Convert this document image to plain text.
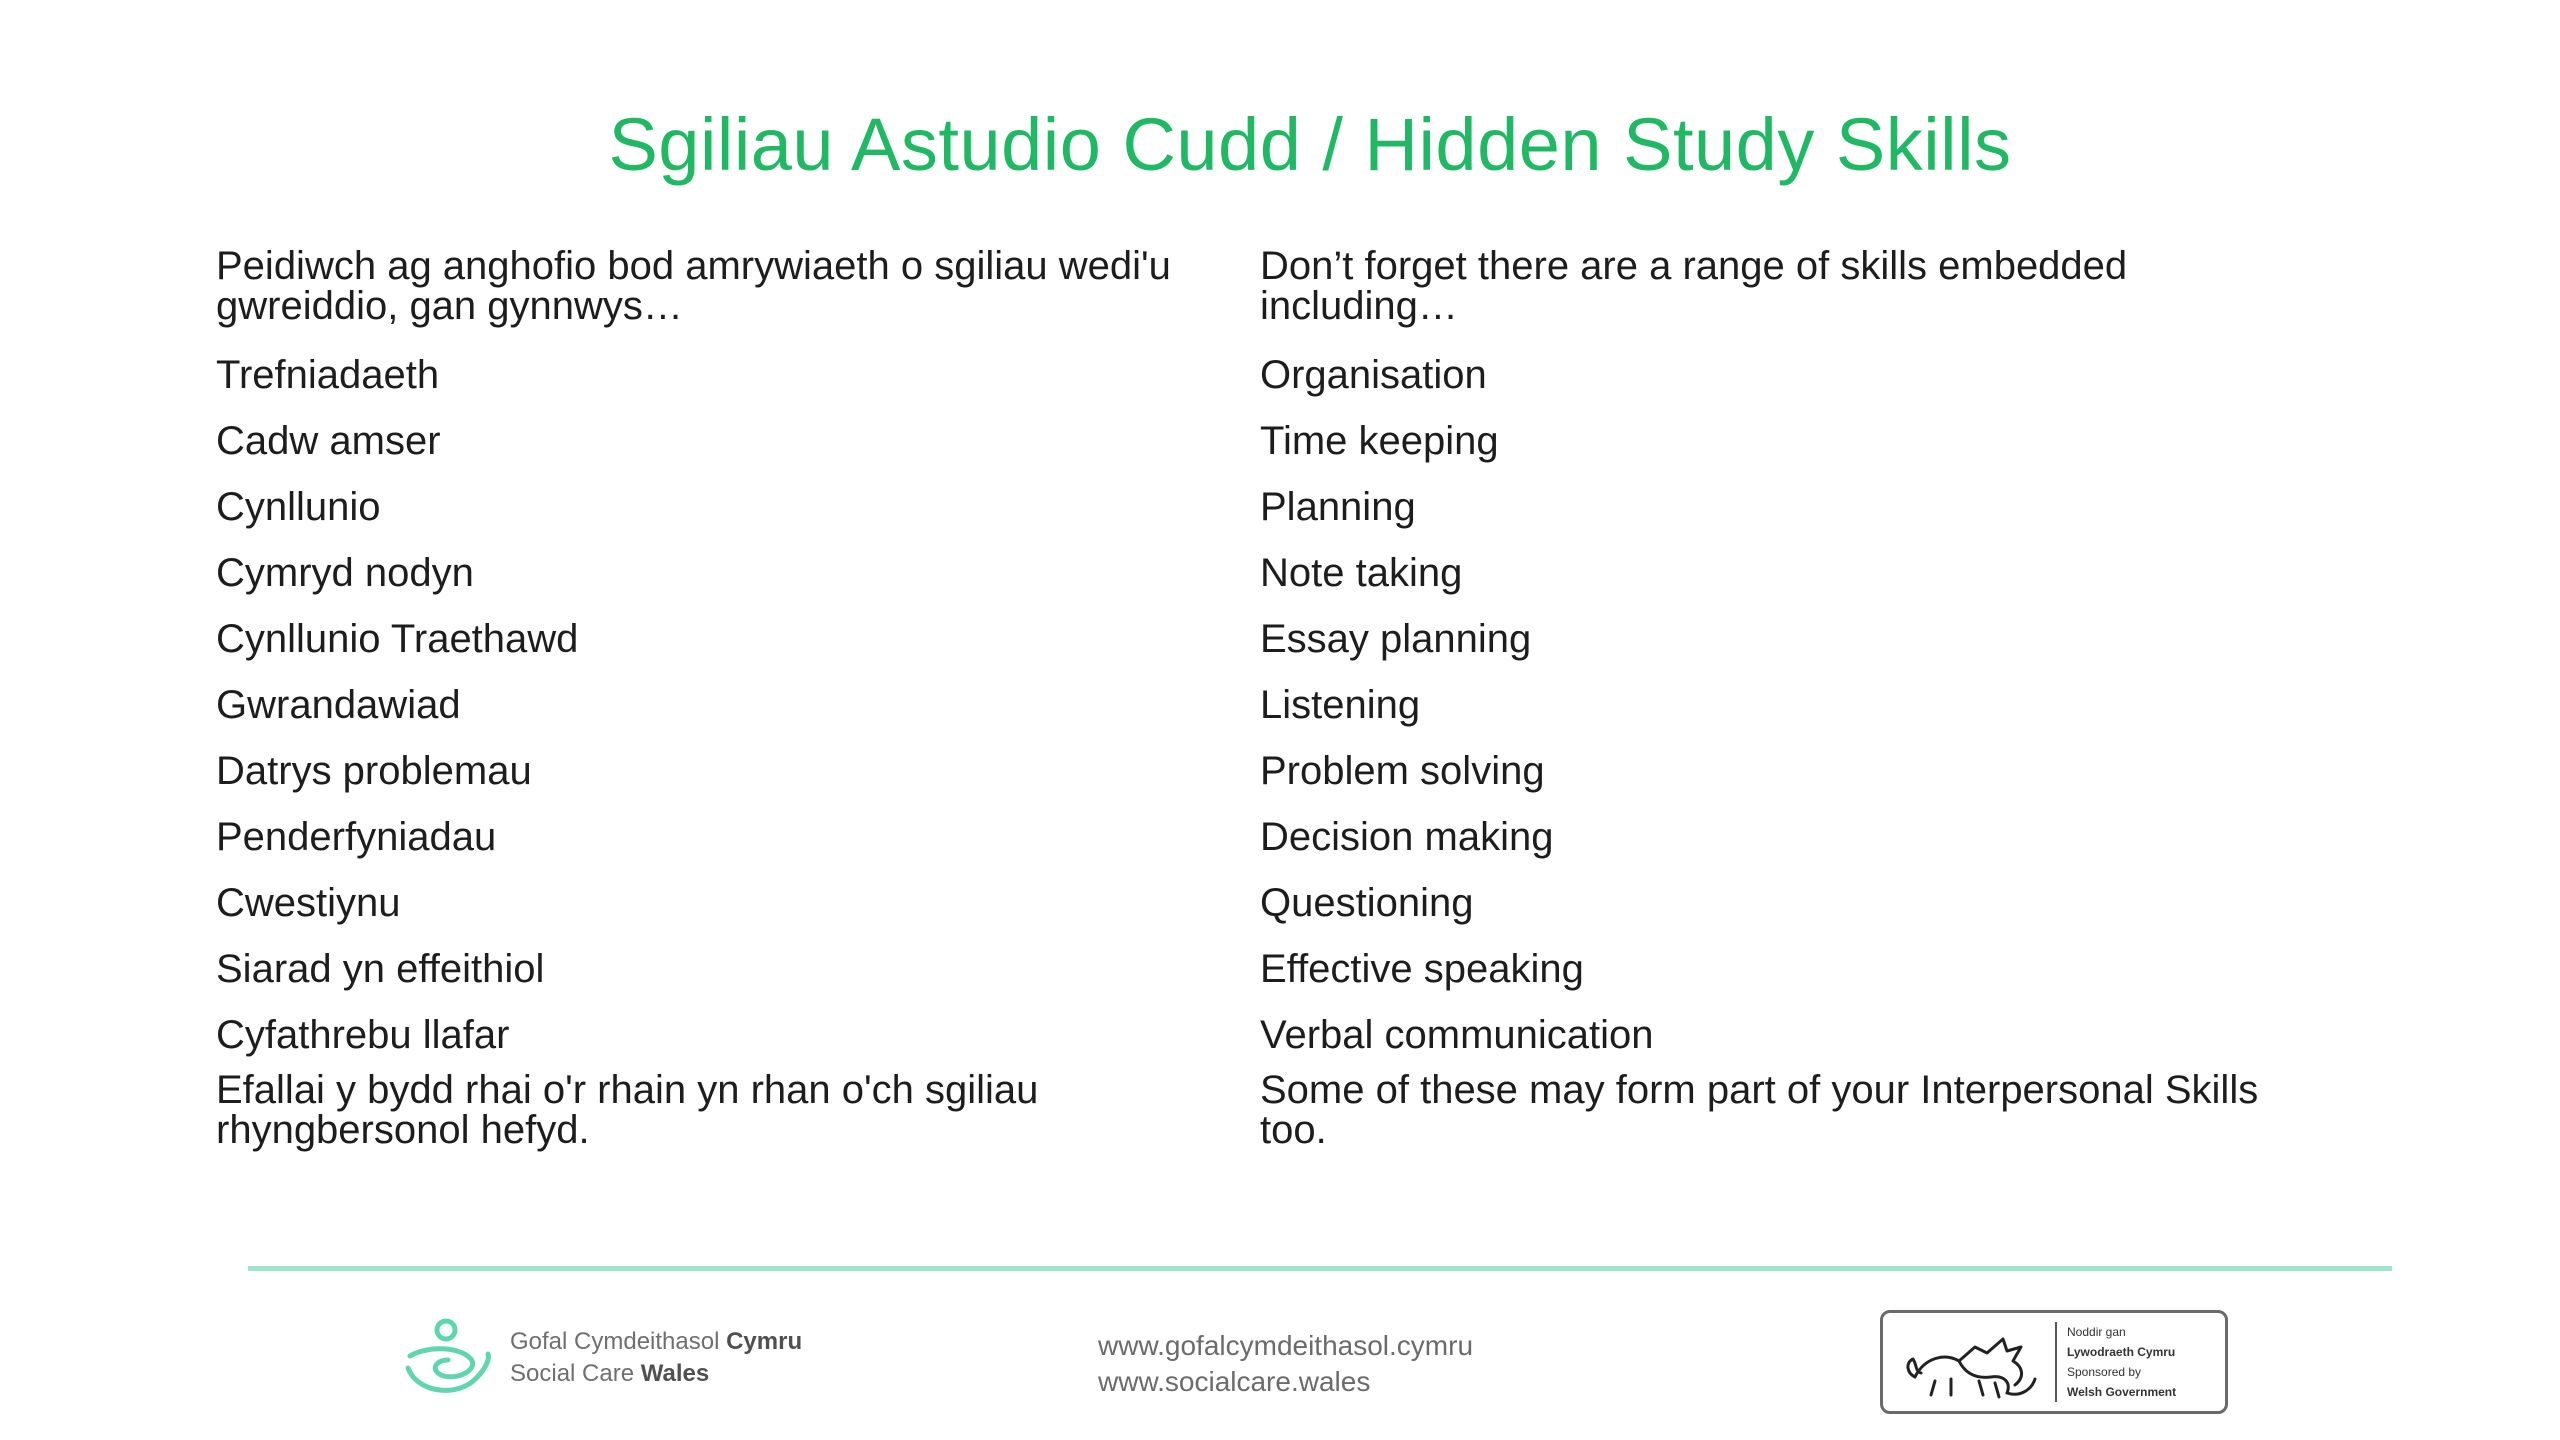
Sgiliau Astudio Cudd / Hidden Study Skills

Peidiwch ag anghofio bod amrywiaeth o sgiliau wedi'u gwreiddio, gan gynnwys…

Trefniadaeth
Cadw amser
Cynllunio
Cymryd nodyn
Cynllunio Traethawd
Gwrandawiad
Datrys problemau
Penderfyniadau
Cwestiynu
Siarad yn effeithiol
Cyfathrebu llafar

Efallai y bydd rhai o'r rhain yn rhan o'ch sgiliau rhyngbersonol hefyd.

Don’t forget there are a range of skills embedded including…

Organisation
Time keeping
Planning
Note taking
Essay planning
Listening
Problem solving
Decision making
Questioning
Effective speaking
Verbal communication

Some of these may form part of your Interpersonal Skills too.

Gofal Cymdeithasol Cymru
Social Care Wales
www.gofalcymdeithasol.cymru
www.socialcare.wales
Noddir gan
Lywodraeth Cymru
Sponsored by
Welsh Government
